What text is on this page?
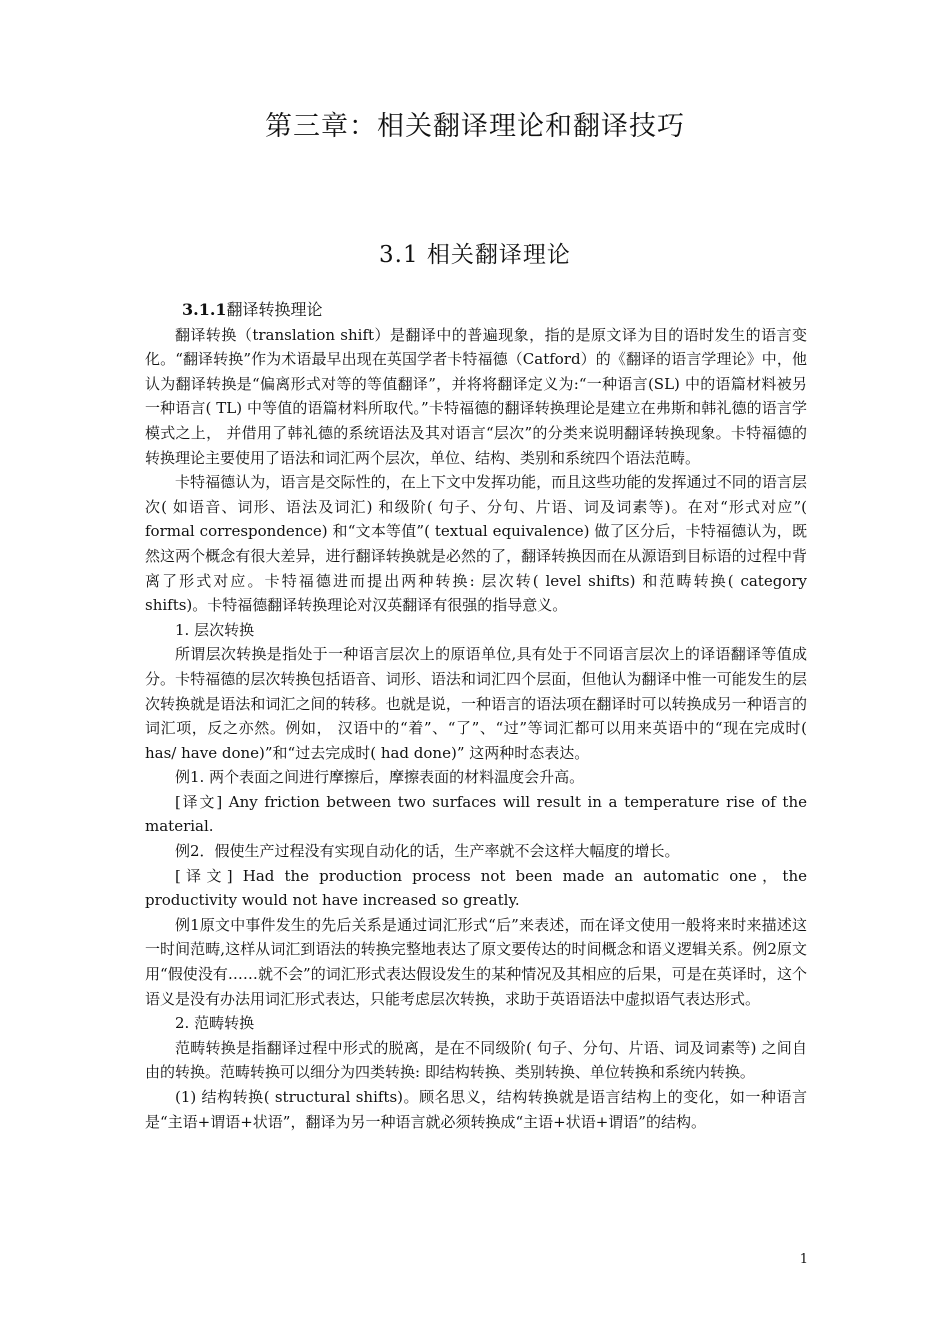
第三章：相关翻译理论和翻译技巧
3.1 相关翻译理论
3.1.1翻译转换理论

翻译转换（translation shift）是翻译中的普遍现象，指的是原文译为目的语时发生的语言变化。“翻译转换”作为术语最早出现在英国学者卡特福德（Catford）的《翻译的语言学理论》中，他认为翻译转换是“偏离形式对等的等值翻译”，并将将翻译定义为:“一种语言(SL) 中的语篇材料被另一种语言( TL) 中等值的语篇材料所取代。”卡特福德的翻译转换理论是建立在弗斯和韩礼德的语言学模式之上， 并借用了韩礼德的系统语法及其对语言“层次”的分类来说明翻译转换现象。卡特福德的转换理论主要使用了语法和词汇两个层次，单位、结构、类别和系统四个语法范畴。

卡特福德认为，语言是交际性的，在上下文中发挥功能，而且这些功能的发挥通过不同的语言层次( 如语音、词形、语法及词汇) 和级阶( 句子、分句、片语、词及词素等)。在对“形式对应”( formal correspondence) 和“文本等值”( textual equivalence) 做了区分后，卡特福德认为，既然这两个概念有很大差异，进行翻译转换就是必然的了，翻译转换因而在从源语到目标语的过程中背离了形式对应。卡特福德进而提出两种转换: 层次转( level shifts) 和范畴转换( category shifts)。卡特福德翻译转换理论对汉英翻译有很强的指导意义。

1. 层次转换

所谓层次转换是指处于一种语言层次上的原语单位,具有处于不同语言层次上的译语翻译等值成分。卡特福德的层次转换包括语音、词形、语法和词汇四个层面，但他认为翻译中惟一可能发生的层次转换就是语法和词汇之间的转移。也就是说，一种语言的语法项在翻译时可以转换成另一种语言的词汇项，反之亦然。例如， 汉语中的“着”、“了”、“过”等词汇都可以用来英语中的“现在完成时( has/ have done)”和“过去完成时( had done)” 这两种时态表达。

例1. 两个表面之间进行摩擦后，摩擦表面的材料温度会升高。

[译文] Any friction between two surfaces will result in a temperature rise of the material.

例2．假使生产过程没有实现自动化的话，生产率就不会这样大幅度的增长。

[译文] Had the production process not been made an automatic one，the productivity would not have increased so greatly.

例1原文中事件发生的先后关系是通过词汇形式“后”来表述，而在译文使用一般将来时来描述这一时间范畴,这样从词汇到语法的转换完整地表达了原文要传达的时间概念和语义逻辑关系。例2原文用“假使没有……就不会”的词汇形式表达假设发生的某种情况及其相应的后果，可是在英译时，这个语义是没有办法用词汇形式表达，只能考虑层次转换，求助于英语语法中虚拟语气表达形式。

2. 范畴转换

范畴转换是指翻译过程中形式的脱离，是在不同级阶( 句子、分句、片语、词及词素等) 之间自由的转换。范畴转换可以细分为四类转换: 即结构转换、类别转换、单位转换和系统内转换。

(1) 结构转换( structural shifts)。顾名思义，结构转换就是语言结构上的变化，如一种语言是“主语+谓语+状语”，翻译为另一种语言就必须转换成“主语+状语+谓语”的结构。

1
